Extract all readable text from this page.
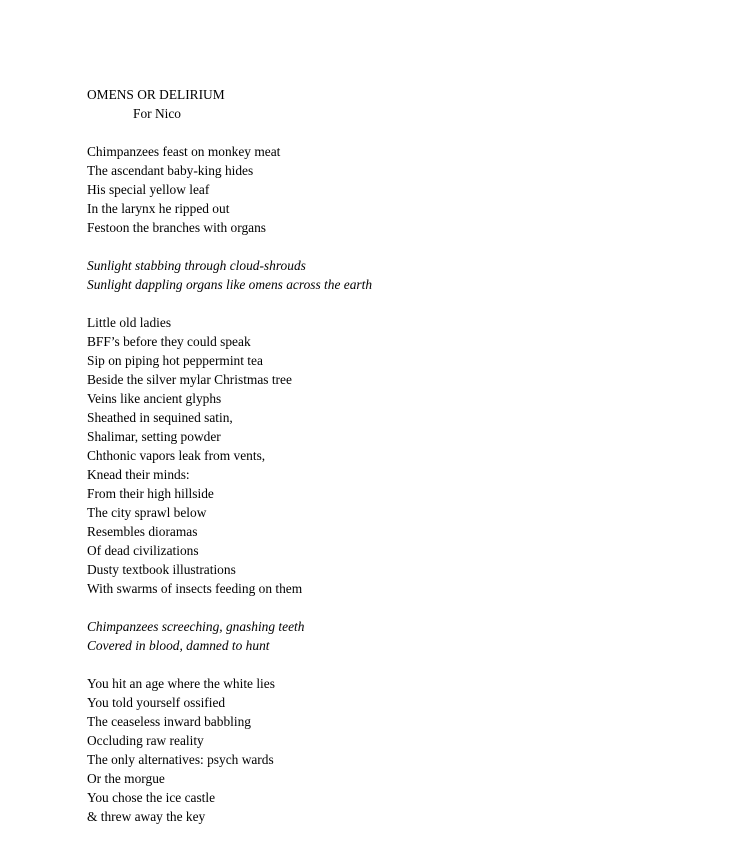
OMENS OR DELIRIUM
For Nico
Chimpanzees feast on monkey meat
The ascendant baby-king hides
His special yellow leaf
In the larynx he ripped out
Festoon the branches with organs
Sunlight stabbing through cloud-shrouds
Sunlight dappling organs like omens across the earth
Little old ladies
BFF’s before they could speak
Sip on piping hot peppermint tea
Beside the silver mylar Christmas tree
Veins like ancient glyphs
Sheathed in sequined satin,
Shalimar, setting powder
Chthonic vapors leak from vents,
Knead their minds:
From their high hillside
The city sprawl below
Resembles dioramas
Of dead civilizations
Dusty textbook illustrations
With swarms of insects feeding on them
Chimpanzees screeching, gnashing teeth
Covered in blood, damned to hunt
You hit an age where the white lies
You told yourself ossified
The ceaseless inward babbling
Occluding raw reality
The only alternatives: psych wards
Or the morgue
You chose the ice castle
& threw away the key
